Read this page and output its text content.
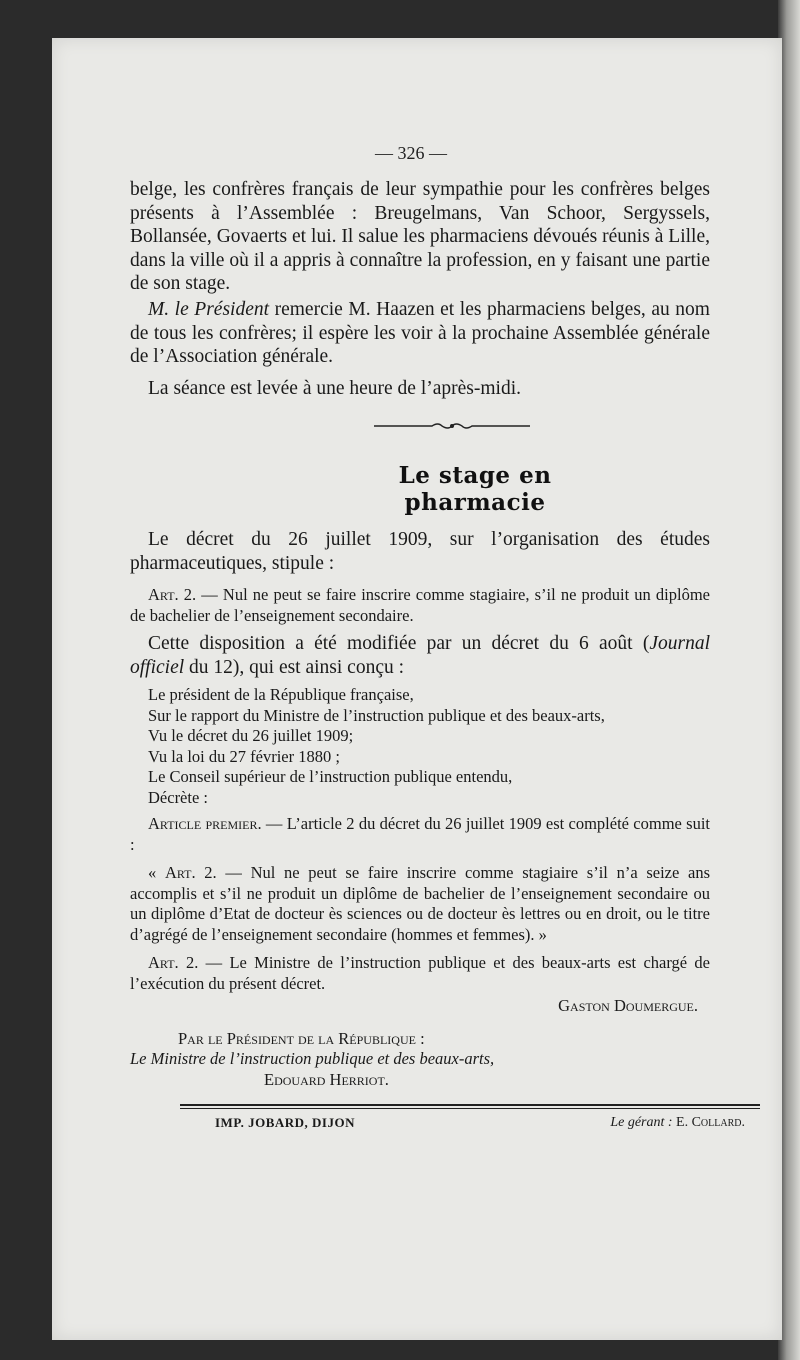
— 326 —

belge, les confrères français de leur sympathie pour les confrères belges présents à l’Assemblée : Breugelmans, Van Schoor, Sergyssels, Bollansée, Govaerts et lui. Il salue les pharmaciens dévoués réunis à Lille, dans la ville où il a appris à connaître la profession, en y faisant une partie de son stage.

M. le Président remercie M. Haazen et les pharmaciens belges, au nom de tous les confrères; il espère les voir à la prochaine Assemblée générale de l’Association générale.

La séance est levée à une heure de l’après-midi.

Le stage en pharmacie

Le décret du 26 juillet 1909, sur l’organisation des études pharmaceutiques, stipule :

Art. 2. — Nul ne peut se faire inscrire comme stagiaire, s’il ne produit un diplôme de bachelier de l’enseignement secondaire.

Cette disposition a été modifiée par un décret du 6 août (Journal officiel du 12), qui est ainsi conçu :

Le président de la République française,

Sur le rapport du Ministre de l’instruction publique et des beaux-arts,

Vu le décret du 26 juillet 1909;

Vu la loi du 27 février 1880 ;

Le Conseil supérieur de l’instruction publique entendu,

Décrète :

Article premier. — L’article 2 du décret du 26 juillet 1909 est complété comme suit :

« Art. 2. — Nul ne peut se faire inscrire comme stagiaire s’il n’a seize ans accomplis et s’il ne produit un diplôme de bachelier de l’enseignement secondaire ou un diplôme d’Etat de docteur ès sciences ou de docteur ès lettres ou en droit, ou le titre d’agrégé de l’enseignement secondaire (hommes et femmes). »

Art. 2. — Le Ministre de l’instruction publique et des beaux-arts est chargé de l’exécution du présent décret.

Gaston Doumergue.

Par le Président de la République :

Le Ministre de l’instruction publique et des beaux-arts,

Edouard Herriot.

IMP. JOBARD, DIJON	Le gérant : E. Collard.
